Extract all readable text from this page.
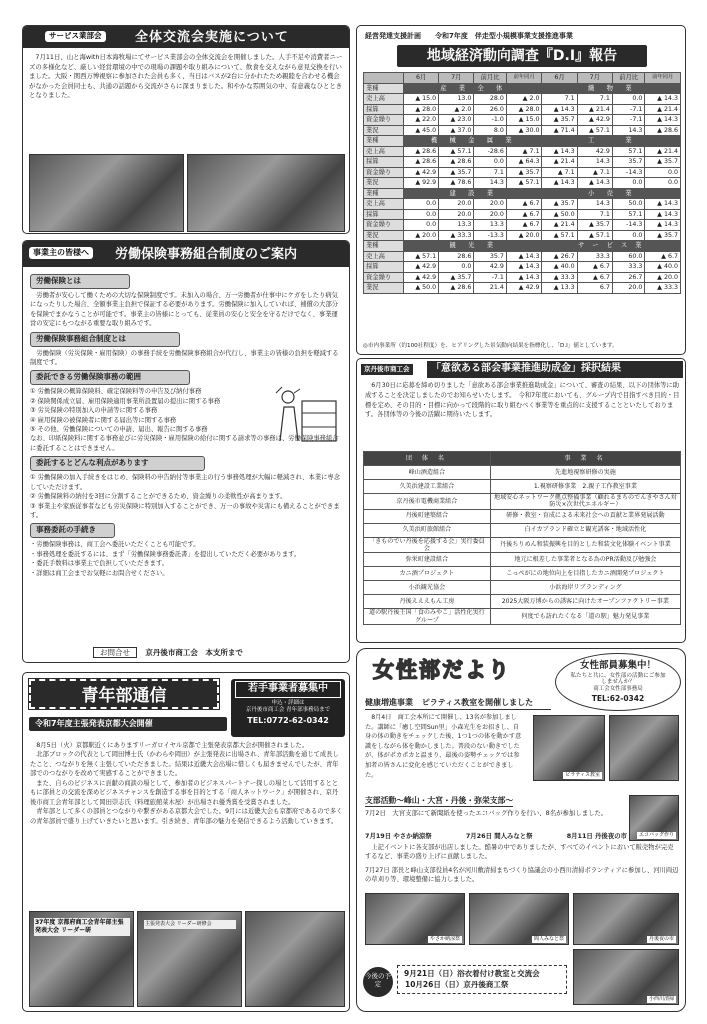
サービス業部会	全体交流会実施について

7月11日、山と海with日本海牧場にてサービス業部会の全体交流会を開催しました。人手不足や消費者ニーズの多様化など、厳しい経営環境の中での現場の課題や取り組みについて、飲食を交えながら意見交換を行いました。大阪・関西万博視察に参加された会員も多く、当日はバスが2台に分かれたため親睦を合わせる機会がなかった会員同士も、共通の話題から交流がさらに深まりました。和やかな雰囲気の中、有意義なひとときとなりました。

事業主の皆様へ	労働保険事務組合制度のご案内
労働保険とは

労働者が安心して働くための大切な保険制度です。未加入の場合、万一労働者が仕事中にケガをしたり病気になったりした場合、全額事業主負担で保証する必要があります。労働保険に加入していれば、補償の大部分を保険でまかなうことが可能です。事業主の皆様にとっても、従業員の安心と安全を守るだけでなく、事業運営の安定にもつながる重要な取り組みです。

労働保険事務組合制度とは

労働保険（労災保険・雇用保険）の事務手続を労働保険事務組合が代行し、事業主の皆様の負担を軽減する制度です。

委託できる労働保険事務の範囲
① 労働保険の概算保険料、確定保険料等の申告及び納付事務
② 保険関係成立届、雇用保険適用事業所設置届の提出に関する事務
③ 労災保険の特別加入の申請等に関する事務
④ 雇用保険の被保険者に関する届出等に関する事務
⑤ その他、労働保険についての申請、届出、報告に関する事務
なお、印紙保険料に関する事務並びに労災保険・雇用保険の給付に関する請求等の事務は、労働保険事務組合に委託することはできません。
委託するとどんな利点があります
① 労働保険の加入手続きをはじめ、保険料の申告納付等事業主の行う事務処理が大幅に軽減され、本業に専念していただけます。
② 労働保険料の納付を3回に分割することができるため、資金繰りの柔軟性が高まります。
③ 事業主や家族従事者なども労災保険に特別加入することができ、万一の事故や災害にも備えることができます。
事務委託の手続き
・労働保険事務は、商工会へ委託いただくことも可能です。
・事務処理を委託するには、まず「労働保険事務委託書」を提出していただく必要があります。
・委託手数料は事業主で負担していただきます。
・詳細は商工会までお気軽にお問合せください。
お問合せ 京丹後市商工会　本支所まで
青年部通信	若手事業者募集中
申込・詳細は
京丹後市商工会 青年部事務局まで
TEL:0772-62-0342
令和7年度主張発表京都大会開催

8月5日（火）京都駅近くにありますリーガロイヤル京都で主張発表京都大会が開催されました。

北部ブロックの代表として岡田博士氏（かわらや岡田）が主張発表に出場され、青年部活動を通じて成長したこと、つながりを無く主張していただきました。結果は近畿大会出場に惜しくも届きませんでしたが、青年部でのつながりを改めて実感することができました。

また、自らのビジネスに貢献の商談の場として、参加者のビジネスパートナー探しの場として活用するとともに部員との交流を深めビジネスチャンスを創造する事を目的とする「商人ネットワーク」が開催され、京丹後市商工会青年部として岡田崇志氏（料理旅館菜木屋）が出場され優秀賞を受賞されました。

青年部として多くの部員とつながりや繋ぎがある京都大会でした。9月には近畿大会も京都府であるので多くの青年部員で盛り上げていきたいと思います。引き続き、青年部の魅力を発信できるよう活動していきます。

37年度 京都府商工会青年部主張発表大会 リーダー研
主張発表大会 リーダー研修会
経営発達支援計画　　令和7年度　伴走型小規模事業支援推進事業
地域経済動向調査『D.I』報告
	6月	7月	前月比	前年同月	6月	7月	前月比	前年同月
業種	産　業　全　体				織　物　業			
売上高	▲ 15.0	13.0	28.0	▲ 2.0	7.1	7.1	0.0	▲ 14.3
採算	▲ 28.0	▲ 2.0	26.0	▲ 28.0	▲ 14.3	▲ 21.4	-7.1	▲ 21.4
資金繰り	▲ 22.0	▲ 23.0	-1.0	▲ 15.0	▲ 35.7	▲ 42.9	-7.1	▲ 14.3
業況	▲ 45.0	▲ 37.0	8.0	▲ 30.0	▲ 71.4	▲ 57.1	14.3	▲ 28.6
業種	機　械　金　属　業				工　　　業			
売上高	▲ 28.6	▲ 57.1	-28.6	▲ 7.1	▲ 14.3	42.9	57.1	▲ 21.4
採算	▲ 28.6	▲ 28.6	0.0	▲ 64.3	▲ 21.4	14.3	35.7	▲ 35.7
資金繰り	▲ 42.9	▲ 35.7	7.1	▲ 35.7	▲ 7.1	▲ 7.1	-14.3	0.0
業況	▲ 92.9	▲ 78.6	14.3	▲ 57.1	▲ 14.3	▲ 14.3	0.0	0.0
業種	建　設　業				小　売　業			
売上高	0.0	20.0	20.0	▲ 6.7	▲ 35.7	14.3	50.0	▲ 14.3
採算	0.0	20.0	20.0	▲ 6.7	▲ 50.0	7.1	57.1	▲ 14.3
資金繰り	0.0	13.3	13.3	▲ 6.7	▲ 21.4	▲ 35.7	-14.3	▲ 14.3
業況	▲ 20.0	▲ 33.3	-13.3	▲ 20.0	▲ 57.1	▲ 57.1	0.0	▲ 35.7
業種	観　光　業				サ ー ビ ス 業			
売上高	▲ 57.1	28.6	35.7	▲ 14.3	▲ 26.7	33.3	60.0	▲ 6.7
採算	▲ 42.9	0.0	42.9	▲ 14.3	▲ 40.0	▲ 6.7	33.3	▲ 40.0
資金繰り	▲ 42.9	▲ 35.7	-7.1	▲ 14.3	▲ 33.3	▲ 6.7	26.7	▲ 20.0
業況	▲ 50.0	▲ 28.6	21.4	▲ 42.9	▲ 13.3	6.7	20.0	▲ 33.3
◎市内事業所（約100社程度）を、ヒアリングした景気動向結果を指標化し、「D.I」値としています。
京丹後市商工会	「意欲ある部会事業推進助成金」採択結果

6月30日に応募を締め切りました「意欲ある部会事業推進助成金」について、審査の結果、以下の団体等に助成することを決定しましたのでお知らせいたします。　令和7年度においても、グループ内で目指すべき目的・目標を定め、その目的・目標に向かって段階的に取り組むべく事業等を重点的に支援することといたしております。各団体等の今後の活躍に期待いたします。

団 体 名	事 業 名
峰山酒造組合	先進地視察研修の実施
久美浜建設工業組合	1.視察研修事業　2.親子工作教室事業
京丹後市電機商業組合	地域安心ネットワーク拠点整備事業（顧れるまちのでんきやさん対防災×次世代エネルギー）
丹後町建築組合	研修・教室・育成による未来社会への貢献と業界発展活動
久美浜町旅館組合	白イカブランド確立と観光誘客・地域活性化
「きものでい丹後を応援する会」実行委員会	丹後ちりめん和装振興を目的とした和装文化体験イベント事業
弥栄町建設組合	地元に根差した事業者となる為のPR活動及び勉強会
カニ酒プロジェクト	こっぺがにの地位向上を目指したカニ酒開発プロジェクト
小浜観光協会	小浜海岸リブランディング
丹後えええもん工房	2025大阪万博からの誘客に向けたオープンファクトリー事業
道の駅丹後王国「食のみやこ」活性化実行グループ	何度でも訪れたくなる「道の駅」魅力発見事業
女性部だより	女性部員募集中！
私たちと共に、女性部の活動にご参加しませんか？
商工会女性部事務局
TEL:62-0342
健康増進事業 ピラティス教室を開催しました

8月4日　商工会本所にて開催し、13名が参加しました。講師に「癒し空間Sun里」小森光生をお招きし、自身の体の動きをチェックした後、1つ1つの体を動かす意識をしながら体を動かしました。普段のない動きでしたが、体がポカポカと温まり、最後の姿勢チェックでは参加者の皆さんに変化を感じていただくことができました。	ピラティス教室
支部活動～峰山・大宮・丹後・弥栄支部～

7月2日　大宮支部にて新聞紙を使ったエコバッグ作りを行い、8名が参加しました。

エコバッグ作り
7月19日 やさか納涼祭	7月26日 間人みなと祭	8月11日 丹後夜の市

上記イベントに各支部が出店しました。酷暑の中でありましたが、すべてのイベントにおいて販売物が完売するなど、事業の盛り上げに貢献しました。

7月27日 部長と峰山支部役員4名が河川敷清掃まちづくり協議会の小西川清掃ボランティアに参加し、河川両辺の草刈り等、環境整備に協力しました。

やさか納涼祭	間人みなと祭	丹後夜の市
小西川清掃
今後の予定
9月21日（日）浴衣着付け教室と交流会
10月26日（日）京丹後商工祭
